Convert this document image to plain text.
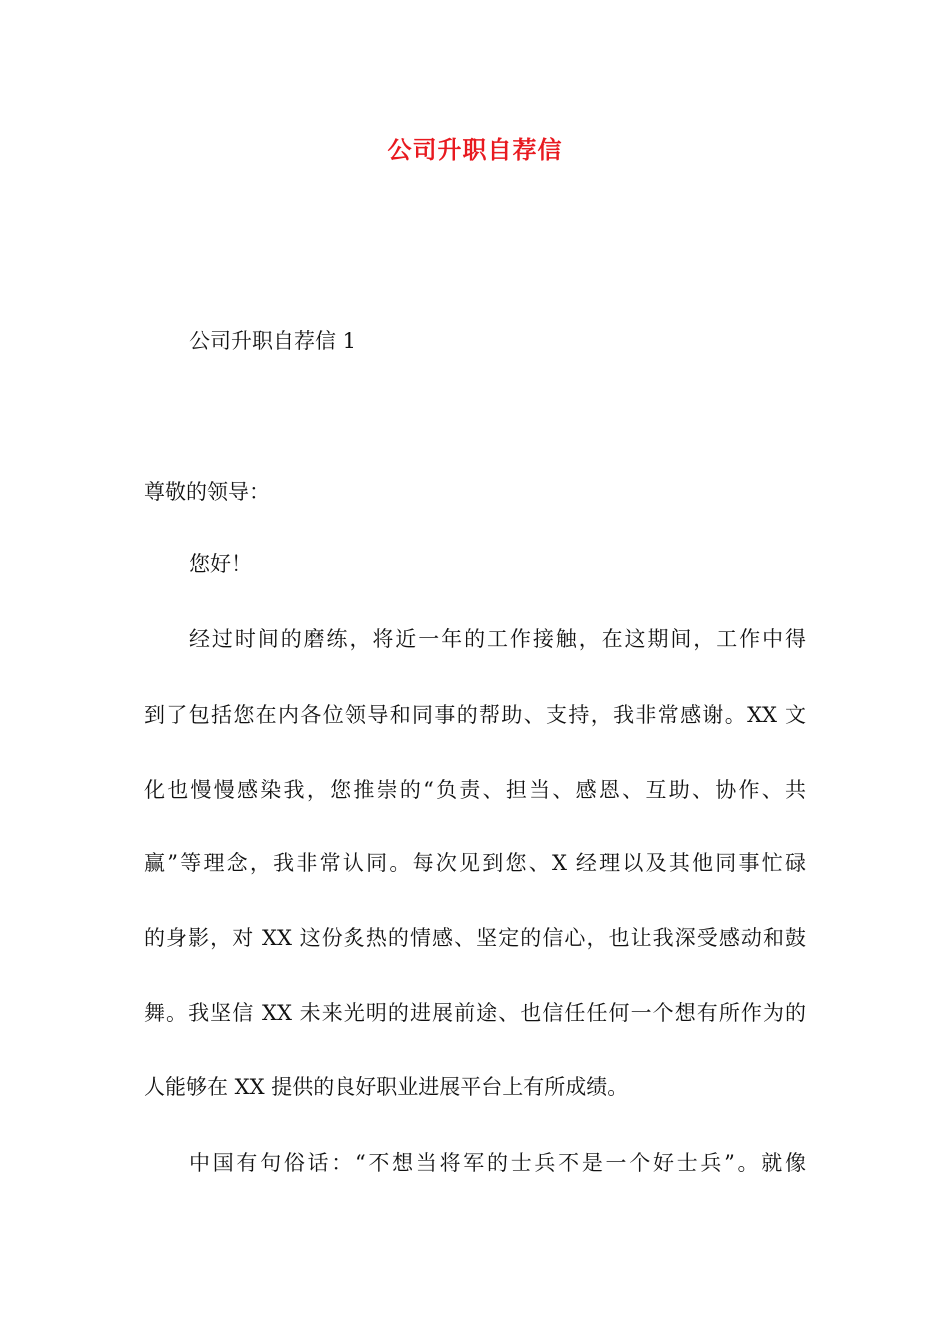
公司升职自荐信
公司升职自荐信 1
尊敬的领导：
您好！
经过时间的磨练，将近一年的工作接触，在这期间，工作中得
到了包括您在内各位领导和同事的帮助、支持，我非常感谢。XX 文
化也慢慢感染我，您推崇的“负责、担当、感恩、互助、协作、共
赢”等理念，我非常认同。每次见到您、X 经理以及其他同事忙碌
的身影，对 XX 这份炙热的情感、坚定的信心，也让我深受感动和鼓
舞。我坚信 XX 未来光明的进展前途、也信任任何一个想有所作为的
人能够在 XX 提供的良好职业进展平台上有所成绩。
中国有句俗话：“不想当将军的士兵不是一个好士兵”。就像
